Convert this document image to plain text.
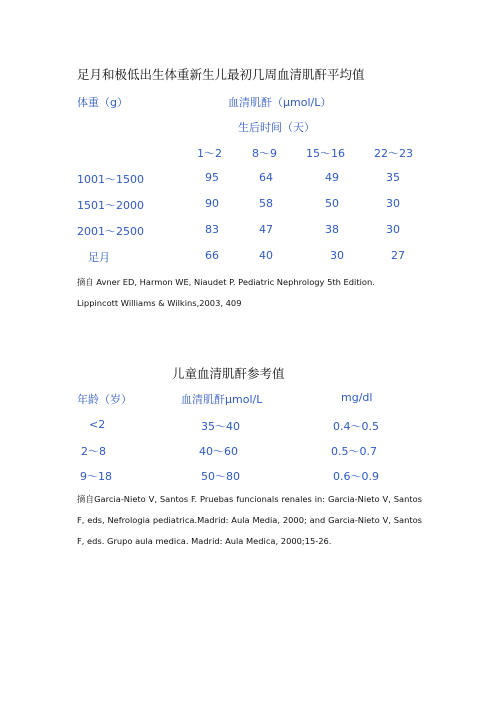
足月和极低出生体重新生儿最初几周血清肌酐平均值
体重（g）	血清肌酐（μmol/L）
生后时间（天）
1～2	8～9	15～16	22～23
1001～1500	95	64	49	35
1501～2000	90	58	50	30
2001～2500	83	47	38	30
足月	66	40	30	27
摘自 Avner ED, Harmon WE, Niaudet P. Pediatric Nephrology 5th Edition.
Lippincott Williams & Wilkins,2003, 409
儿童血清肌酐参考值
年龄（岁）	血清肌酐μmol/L	mg/dl
<2	35～40	0.4～0.5
2～8	40～60	0.5～0.7
9～18	50～80	0.6～0.9
摘自Garcia-Nieto V, Santos F. Pruebas funcionals renales in: Garcia-Nieto V, Santos F, eds, Nefrologia pediatrica.Madrid: Aula Media, 2000; and Garcia-Nieto V, Santos F, eds. Grupo aula medica. Madrid: Aula Medica, 2000;15-26.
